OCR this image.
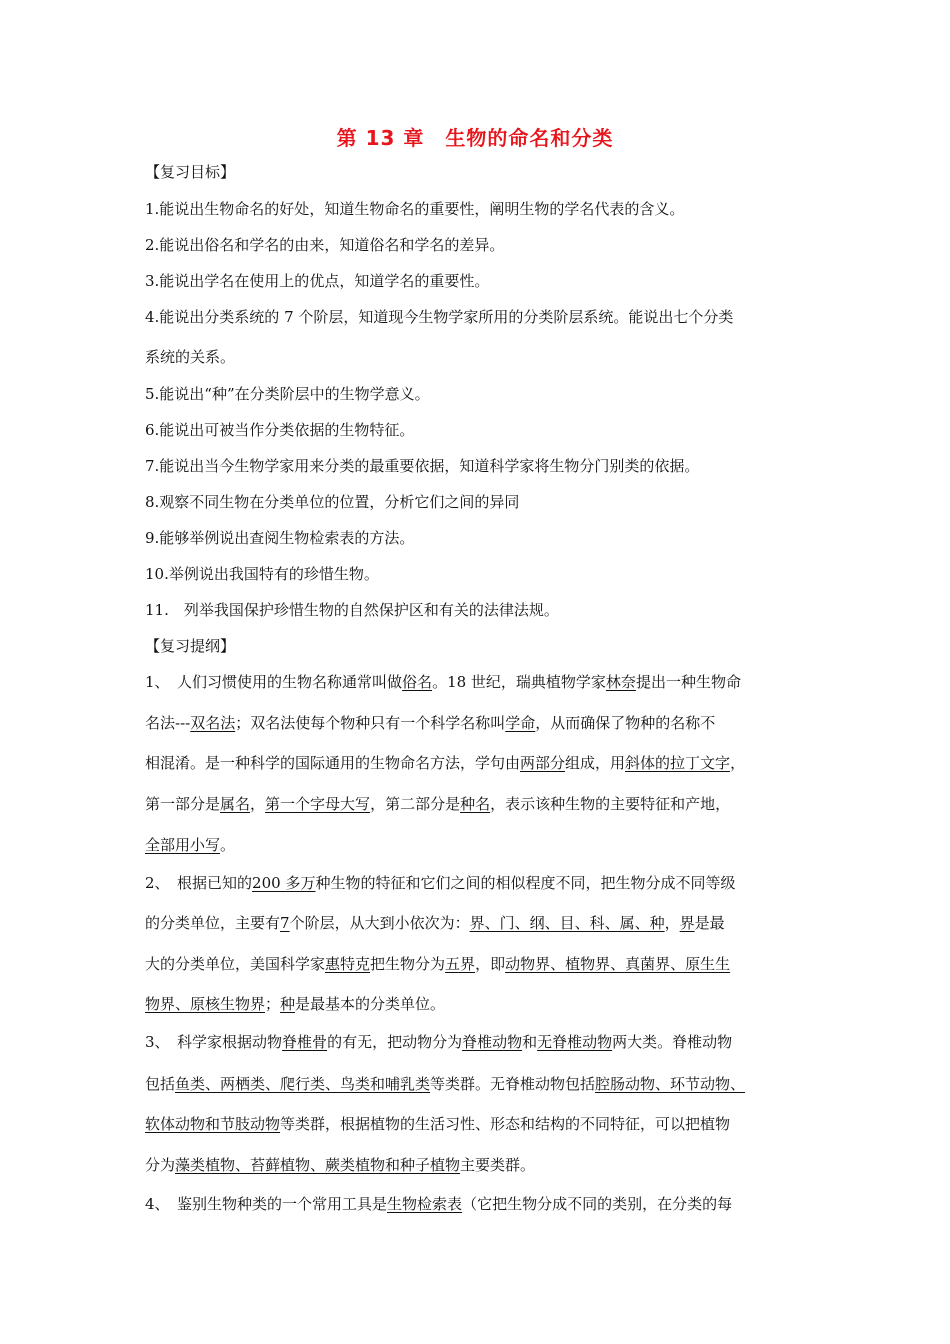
第 13 章　生物的命名和分类
【复习目标】
1.能说出生物命名的好处，知道生物命名的重要性，阐明生物的学名代表的含义。
2.能说出俗名和学名的由来，知道俗名和学名的差异。
3.能说出学名在使用上的优点，知道学名的重要性。
4.能说出分类系统的 7 个阶层，知道现今生物学家所用的分类阶层系统。能说出七个分类
系统的关系。
5.能说出“种”在分类阶层中的生物学意义。
6.能说出可被当作分类依据的生物特征。
7.能说出当今生物学家用来分类的最重要依据，知道科学家将生物分门别类的依据。
8.观察不同生物在分类单位的位置，分析它们之间的异同
9.能够举例说出查阅生物检索表的方法。
10.举例说出我国特有的珍惜生物。
11.　列举我国保护珍惜生物的自然保护区和有关的法律法规。
【复习提纲】
1、　人们习惯使用的生物名称通常叫做俗名。18 世纪，瑞典植物学家林奈提出一种生物命
名法---双名法；双名法使每个物种只有一个科学名称叫学命，从而确保了物种的名称不
相混淆。是一种科学的国际通用的生物命名方法，学句由两部分组成，用斜体的拉丁文字，
第一部分是属名，第一个字母大写，第二部分是种名，表示该种生物的主要特征和产地，
全部用小写。
2、　根据已知的200 多万种生物的特征和它们之间的相似程度不同，把生物分成不同等级
的分类单位，主要有7个阶层，从大到小依次为：界、门、纲、目、科、属、种，界是最
大的分类单位，美国科学家惠特克把生物分为五界，即动物界、植物界、真菌界、原生生
物界、原核生物界；种是最基本的分类单位。
3、　科学家根据动物脊椎骨的有无，把动物分为脊椎动物和无脊椎动物两大类。脊椎动物
包括鱼类、两栖类、爬行类、鸟类和哺乳类等类群。无脊椎动物包括腔肠动物、环节动物、
软体动物和节肢动物等类群，根据植物的生活习性、形态和结构的不同特征，可以把植物
分为藻类植物、苔藓植物、蕨类植物和种子植物主要类群。
4、　鉴别生物种类的一个常用工具是生物检索表（它把生物分成不同的类别，在分类的每
